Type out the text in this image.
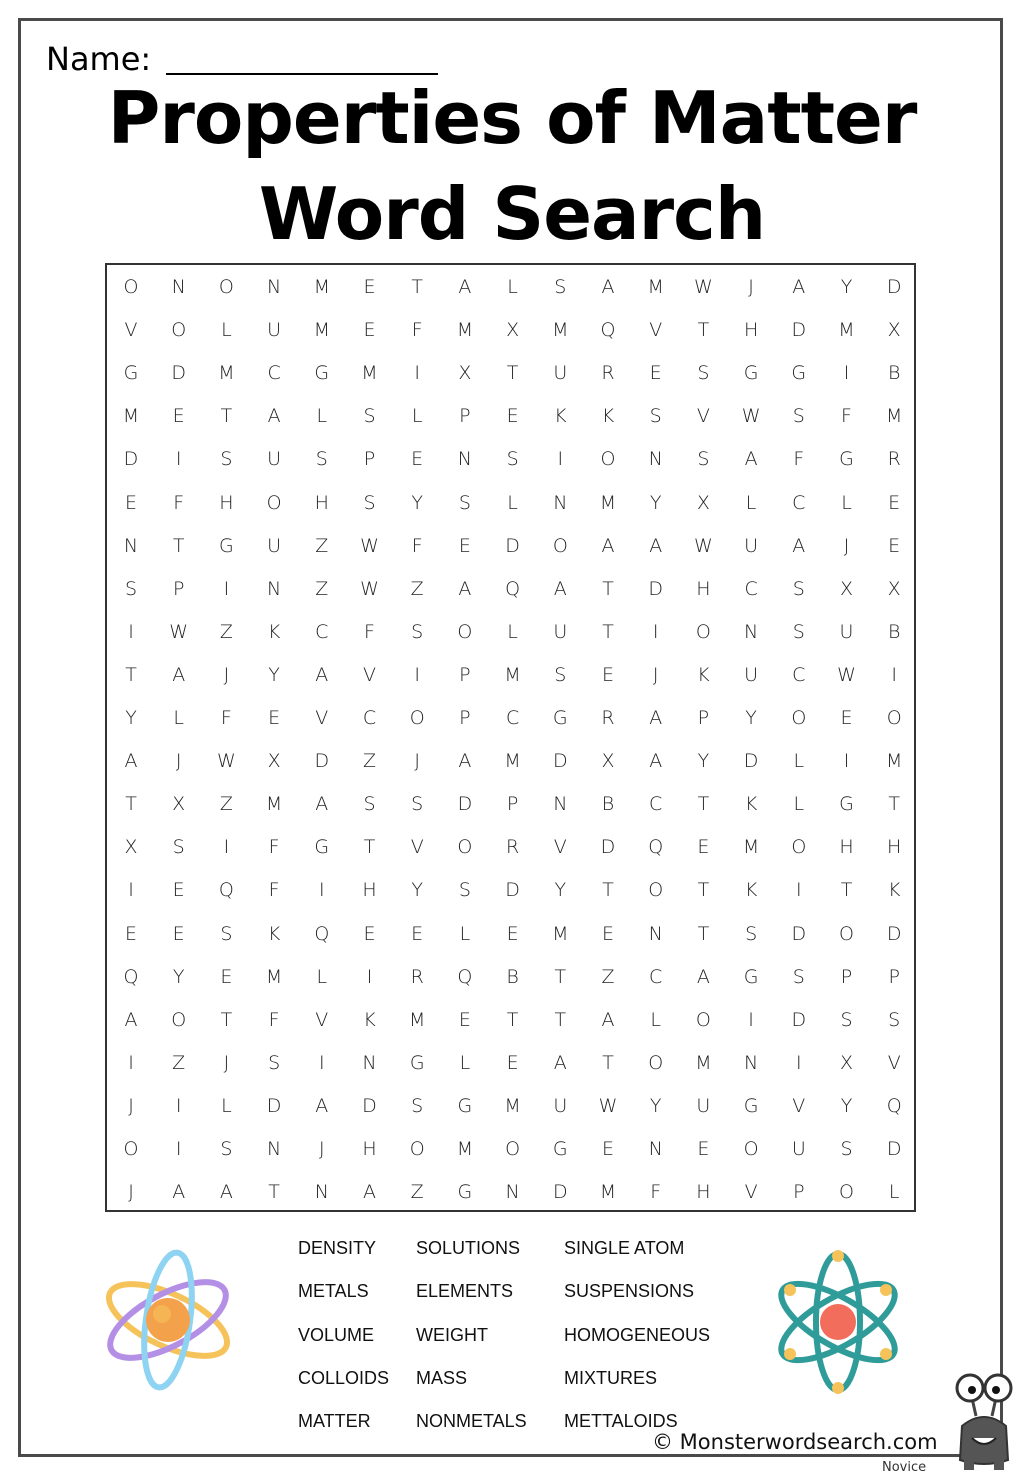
Name:
Properties of Matter
Word Search
O	N	O	N	M	E	T	A	L	S	A	M	W	J	A	Y	D
V	O	L	U	M	E	F	M	X	M	Q	V	T	H	D	M	X
G	D	M	C	G	M	I	X	T	U	R	E	S	G	G	I	B
M	E	T	A	L	S	L	P	E	K	K	S	V	W	S	F	M
D	I	S	U	S	P	E	N	S	I	O	N	S	A	F	G	R
E	F	H	O	H	S	Y	S	L	N	M	Y	X	L	C	L	E
N	T	G	U	Z	W	F	E	D	O	A	A	W	U	A	J	E
S	P	I	N	Z	W	Z	A	Q	A	T	D	H	C	S	X	X
I	W	Z	K	C	F	S	O	L	U	T	I	O	N	S	U	B
T	A	J	Y	A	V	I	P	M	S	E	J	K	U	C	W	I
Y	L	F	E	V	C	O	P	C	G	R	A	P	Y	O	E	O
A	J	W	X	D	Z	J	A	M	D	X	A	Y	D	L	I	M
T	X	Z	M	A	S	S	D	P	N	B	C	T	K	L	G	T
X	S	I	F	G	T	V	O	R	V	D	Q	E	M	O	H	H
I	E	Q	F	I	H	Y	S	D	Y	T	O	T	K	I	T	K
E	E	S	K	Q	E	E	L	E	M	E	N	T	S	D	O	D
Q	Y	E	M	L	I	R	Q	B	T	Z	C	A	G	S	P	P
A	O	T	F	V	K	M	E	T	T	A	L	O	I	D	S	S
I	Z	J	S	I	N	G	L	E	A	T	O	M	N	I	X	V
J	I	L	D	A	D	S	G	M	U	W	Y	U	G	V	Y	Q
O	I	S	N	J	H	O	M	O	G	E	N	E	O	U	S	D
J	A	A	T	N	A	Z	G	N	D	M	F	H	V	P	O	L
DENSITY
METALS
VOLUME
COLLOIDS
MATTER
SOLUTIONS
ELEMENTS
WEIGHT
MASS
NONMETALS
SINGLE ATOM
SUSPENSIONS
HOMOGENEOUS
MIXTURES
METTALOIDS
© Monsterwordsearch.com
Novice
